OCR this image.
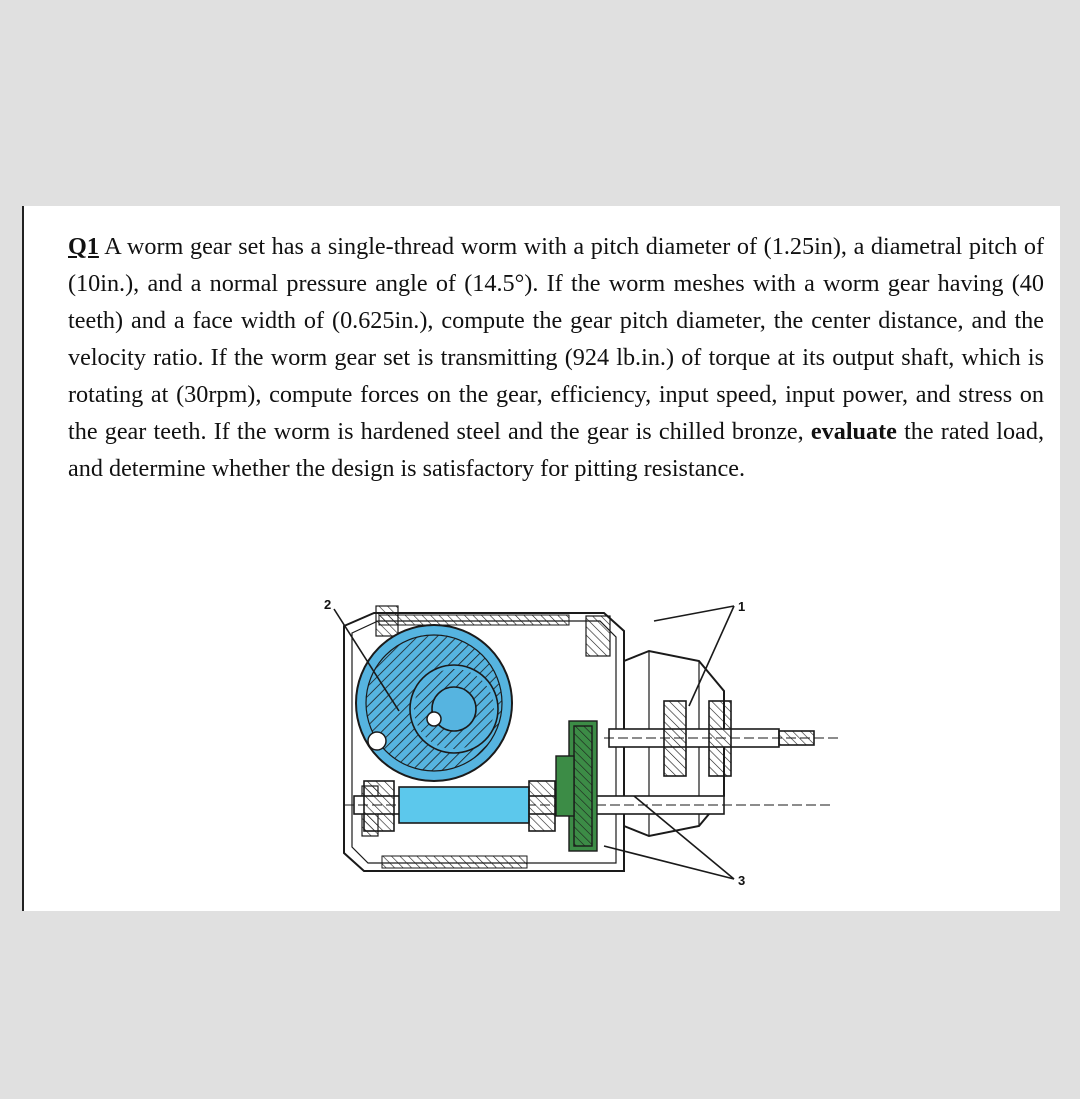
Q1 A worm gear set has a single-thread worm with a pitch diameter of (1.25in), a diametral pitch of (10in.), and a normal pressure angle of (14.5°). If the worm meshes with a worm gear having (40 teeth) and a face width of (0.625in.), compute the gear pitch diameter, the center distance, and the velocity ratio. If the worm gear set is transmitting (924 lb.in.) of torque at its output shaft, which is rotating at (30rpm), compute forces on the gear, efficiency, input speed, input power, and stress on the gear teeth. If the worm is hardened steel and the gear is chilled bronze, evaluate the rated load, and determine whether the design is satisfactory for pitting resistance.

2	1
3
